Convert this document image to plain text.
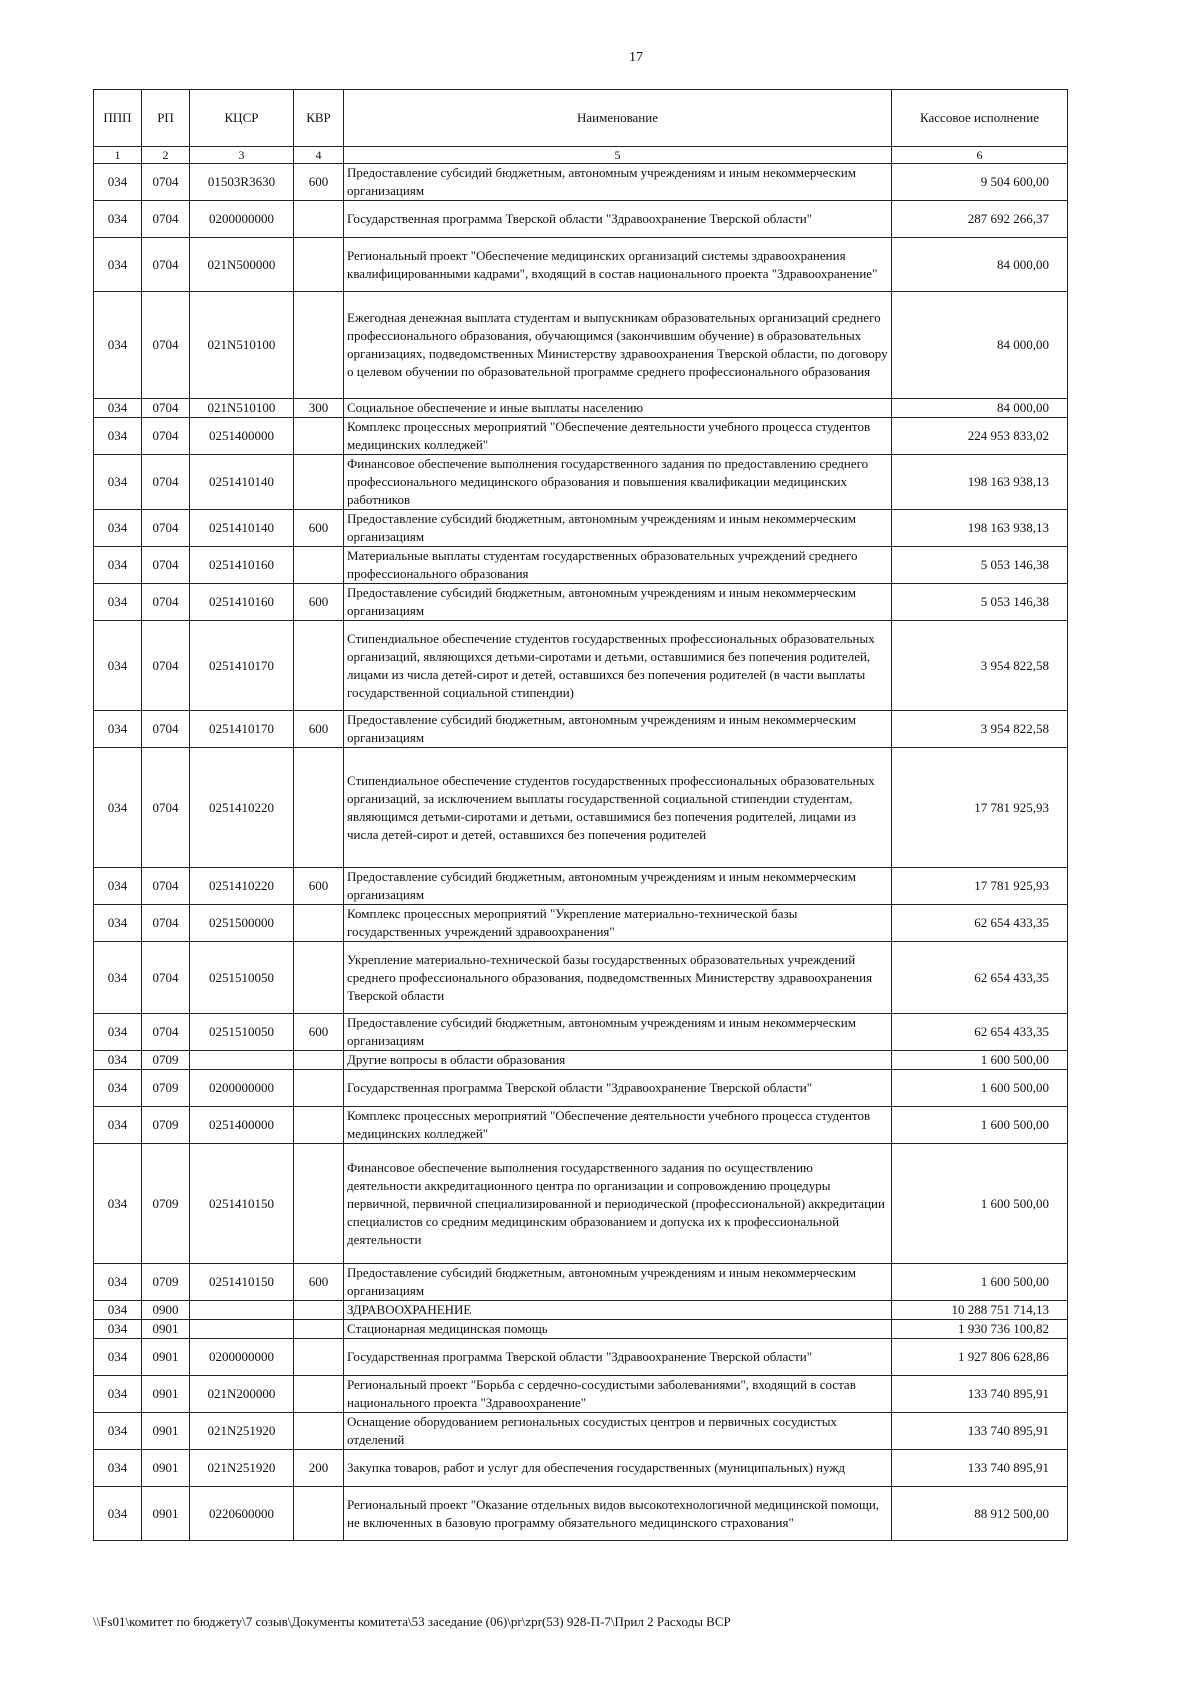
17
ППП	РП	КЦСР	КВР	Наименование	Кассовое исполнение
1	2	3	4	5	6
034	0704	01503R3630	600	Предоставление субсидий бюджетным, автономным учреждениям и иным некоммерческим организациям	9 504 600,00
034	0704	0200000000		Государственная программа Тверской области "Здравоохранение Тверской области"	287 692 266,37
034	0704	021N500000		Региональный проект "Обеспечение медицинских организаций системы здравоохранения квалифицированными кадрами", входящий в состав национального проекта "Здравоохранение"	84 000,00
034	0704	021N510100		Ежегодная денежная выплата студентам и выпускникам образовательных организаций среднего профессионального образования, обучающимся (закончившим обучение) в образовательных организациях, подведомственных Министерству здравоохранения Тверской области, по договору о целевом обучении по образовательной программе среднего профессионального образования	84 000,00
034	0704	021N510100	300	Социальное обеспечение и иные выплаты населению	84 000,00
034	0704	0251400000		Комплекс процессных мероприятий "Обеспечение деятельности учебного процесса студентов медицинских колледжей"	224 953 833,02
034	0704	0251410140		Финансовое обеспечение выполнения государственного задания по предоставлению среднего профессионального медицинского образования и повышения квалификации медицинских работников	198 163 938,13
034	0704	0251410140	600	Предоставление субсидий бюджетным, автономным учреждениям и иным некоммерческим организациям	198 163 938,13
034	0704	0251410160		Материальные выплаты студентам государственных образовательных учреждений среднего профессионального образования	5 053 146,38
034	0704	0251410160	600	Предоставление субсидий бюджетным, автономным учреждениям и иным некоммерческим организациям	5 053 146,38
034	0704	0251410170		Стипендиальное обеспечение студентов государственных профессиональных образовательных организаций, являющихся детьми-сиротами и детьми, оставшимися без попечения родителей, лицами из числа детей-сирот и детей, оставшихся без попечения родителей (в части выплаты государственной социальной стипендии)	3 954 822,58
034	0704	0251410170	600	Предоставление субсидий бюджетным, автономным учреждениям и иным некоммерческим организациям	3 954 822,58
034	0704	0251410220		Стипендиальное обеспечение студентов государственных профессиональных образовательных организаций, за исключением выплаты государственной социальной стипендии студентам, являющимся детьми-сиротами и детьми, оставшимися без попечения родителей, лицами из числа детей-сирот и детей, оставшихся без попечения родителей	17 781 925,93
034	0704	0251410220	600	Предоставление субсидий бюджетным, автономным учреждениям и иным некоммерческим организациям	17 781 925,93
034	0704	0251500000		Комплекс процессных мероприятий "Укрепление материально-технической базы государственных учреждений здравоохранения"	62 654 433,35
034	0704	0251510050		Укрепление материально-технической базы государственных образовательных учреждений среднего профессионального образования, подведомственных Министерству здравоохранения Тверской области	62 654 433,35
034	0704	0251510050	600	Предоставление субсидий бюджетным, автономным учреждениям и иным некоммерческим организациям	62 654 433,35
034	0709			Другие вопросы в области образования	1 600 500,00
034	0709	0200000000		Государственная программа Тверской области "Здравоохранение Тверской области"	1 600 500,00
034	0709	0251400000		Комплекс процессных мероприятий "Обеспечение деятельности учебного процесса студентов медицинских колледжей"	1 600 500,00
034	0709	0251410150		Финансовое обеспечение выполнения государственного задания по осуществлению деятельности аккредитационного центра по организации и сопровождению процедуры первичной, первичной специализированной и периодической (профессиональной) аккредитации специалистов со средним медицинским образованием и допуска их к профессиональной деятельности	1 600 500,00
034	0709	0251410150	600	Предоставление субсидий бюджетным, автономным учреждениям и иным некоммерческим организациям	1 600 500,00
034	0900			ЗДРАВООХРАНЕНИЕ	10 288 751 714,13
034	0901			Стационарная медицинская помощь	1 930 736 100,82
034	0901	0200000000		Государственная программа Тверской области "Здравоохранение Тверской области"	1 927 806 628,86
034	0901	021N200000		Региональный проект "Борьба с сердечно-сосудистыми заболеваниями", входящий в состав национального проекта "Здравоохранение"	133 740 895,91
034	0901	021N251920		Оснащение оборудованием региональных сосудистых центров и первичных сосудистых отделений	133 740 895,91
034	0901	021N251920	200	Закупка товаров, работ и услуг для обеспечения государственных (муниципальных) нужд	133 740 895,91
034	0901	0220600000		Региональный проект "Оказание отдельных видов высокотехнологичной медицинской помощи, не включенных в базовую программу обязательного медицинского страхования"	88 912 500,00
\\Fs01\комитет по бюджету\7 созыв\Документы комитета\53 заседание (06)\pr\zpr(53) 928-П-7\Прил 2 Расходы ВСР
